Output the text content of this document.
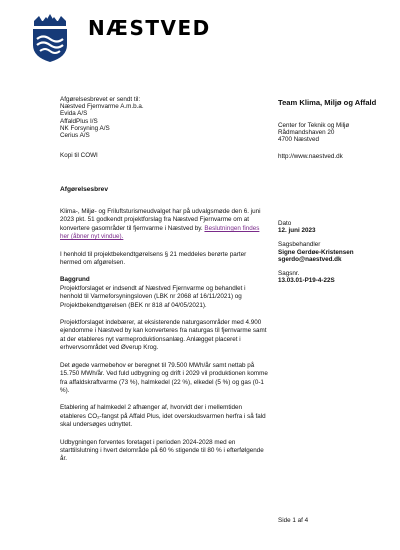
NÆSTVED
Afgørelsesbrevet er sendt til:
Næstved Fjernvarme A.m.b.a.
Evida A/S
AffaldPlus I/S
NK Forsyning A/S
Cerius A/S
Kopi til COWI
Team Klima, Miljø og Affald
Center for Teknik og Miljø
Rådmandshaven 20
4700 Næstved
http://www.naestved.dk
Afgørelsesbrev

Klima-, Miljø- og Friluftsturismeudvalget har på udvalgsmøde den 6. juni 2023 pkt. 51 godkendt projektforslag fra Næstved Fjernvarme om at konvertere gasområder til fjernvarme i Næstved by. Beslutningen findes her (åbner nyt vindue).

I henhold til projektbekendtgørelsens § 21 meddeles berørte parter hermed om afgørelsen.

Baggrund

Projektforslaget er indsendt af Næstved Fjernvarme og behandlet i henhold til Varmeforsyningsloven (LBK nr 2068 af 16/11/2021) og Projektbekendtgørelsen (BEK nr 818 af 04/05/2021).

Projektforslaget indebærer, at eksisterende naturgasområder med 4.900 ejendomme i Næstved by kan konverteres fra naturgas til fjernvarme samt at der etableres nyt varmeproduktionsanlæg. Anlægget placeret i erhvervsområdet ved Øverup Krog.

Det øgede varmebehov er beregnet til 79.500 MWh/år samt nettab på 15.750 MWh/år. Ved fuld udbygning og drift i 2029 vil produktionen komme fra affaldskraftvarme (73 %), halmkedel (22 %), elkedel (5 %) og gas (0-1 %).

Etablering af halmkedel 2 afhænger af, hvorvidt der i mellemtiden etableres CO₂-fangst på Affald Plus, idet overskudsvarmen herfra i så fald skal undersøges udnyttet.

Udbygningen forventes foretaget i perioden 2024-2028 med en starttilslutning i hvert delområde på 60 % stigende til 80 % i efterfølgende år.

Dato
12. juni 2023
Sagsbehandler
Signe Gerdøe-Kristensen
sgerdo@naestved.dk
Sagsnr.
13.03.01-P19-4-22S
Side 1 af 4
